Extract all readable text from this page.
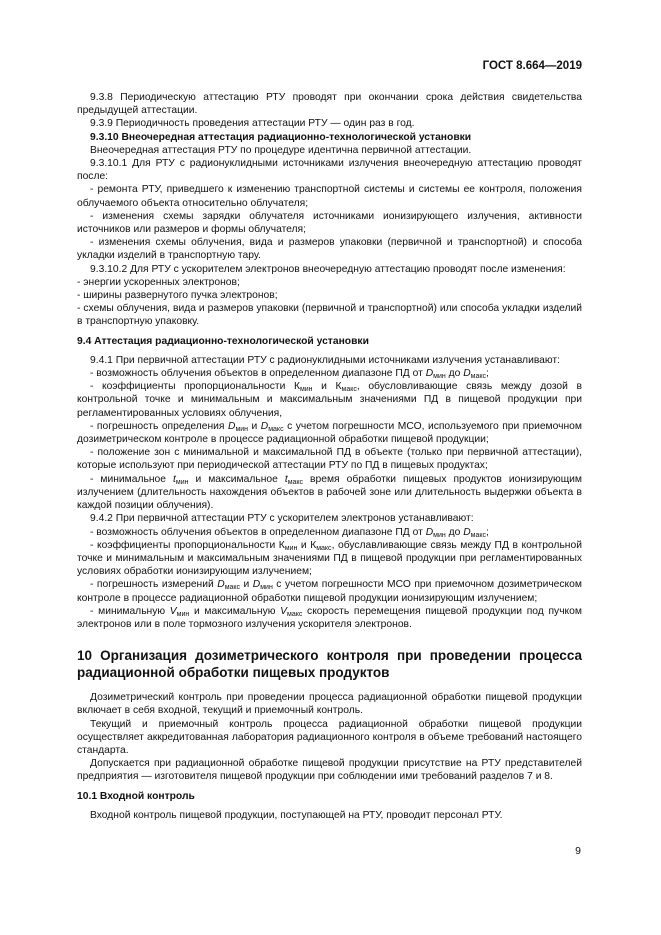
ГОСТ 8.664—2019

9.3.8 Периодическую аттестацию РТУ проводят при окончании срока действия свидетельства предыдущей аттестации.

9.3.9 Периодичность проведения аттестации РТУ — один раз в год.

9.3.10 Внеочередная аттестация радиационно-технологической установки

Внеочередная аттестация РТУ по процедуре идентична первичной аттестации.

9.3.10.1 Для РТУ с радионуклидными источниками излучения внеочередную аттестацию проводят после:

- ремонта РТУ, приведшего к изменению транспортной системы и системы ее контроля, положения облучаемого объекта относительно облучателя;

- изменения схемы зарядки облучателя источниками ионизирующего излучения, активности источников или размеров и формы облучателя;

- изменения схемы облучения, вида и размеров упаковки (первичной и транспортной) и способа укладки изделий в транспортную тару.

9.3.10.2 Для РТУ с ускорителем электронов внеочередную аттестацию проводят после изменения:

- энергии ускоренных электронов;

- ширины развернутого пучка электронов;

- схемы облучения, вида и размеров упаковки (первичной и транспортной) или способа укладки изделий в транспортную упаковку.

9.4 Аттестация радиационно-технологической установки

9.4.1 При первичной аттестации РТУ с радионуклидными источниками излучения устанавливают:

- возможность облучения объектов в определенном диапазоне ПД от $D_{мин}$ до $D_{макс}$;

- коэффициенты пропорциональности $К_{мин}$ и $К_{макс}$, обусловливающие связь между дозой в контрольной точке и минимальным и максимальным значениями ПД в пищевой продукции при регламентированных условиях облучения,

- погрешность определения $D_{мин}$ и $D_{макс}$ с учетом погрешности МСО, используемого при приемочном дозиметрическом контроле в процессе радиационной обработки пищевой продукции;

- положение зон с минимальной и максимальной ПД в объекте (только при первичной аттестации), которые используют при периодической аттестации РТУ по ПД в пищевых продуктах;

- минимальное $t_{мин}$ и максимальное $t_{макс}$ время обработки пищевых продуктов ионизирующим излучением (длительность нахождения объектов в рабочей зоне или длительность выдержки объекта в каждой позиции облучения).

9.4.2 При первичной аттестации РТУ с ускорителем электронов устанавливают:

- возможность облучения объектов в определенном диапазоне ПД от $D_{мин}$ до $D_{макс}$;

- коэффициенты пропорциональности $К_{мин}$ и $К_{макс}$, обуславливающие связь между ПД в контрольной точке и минимальным и максимальным значениями ПД в пищевой продукции при регламентированных условиях обработки ионизирующим излучением;

- погрешность измерений $D_{макс}$ и $D_{мин}$ с учетом погрешности МСО при приемочном дозиметрическом контроле в процессе радиационной обработки пищевой продукции ионизирующим излучением;

- минимальную $V_{мин}$ и максимальную $V_{макс}$ скорость перемещения пищевой продукции под пучком электронов или в поле тормозного излучения ускорителя электронов.

10 Организация дозиметрического контроля при проведении процесса радиационной обработки пищевых продуктов

Дозиметрический контроль при проведении процесса радиационной обработки пищевой продукции включает в себя входной, текущий и приемочный контроль.

Текущий и приемочный контроль процесса радиационной обработки пищевой продукции осуществляет аккредитованная лаборатория радиационного контроля в объеме требований настоящего стандарта.

Допускается при радиационной обработке пищевой продукции присутствие на РТУ представителей предприятия — изготовителя пищевой продукции при соблюдении ими требований разделов 7 и 8.

10.1 Входной контроль

Входной контроль пищевой продукции, поступающей на РТУ, проводит персонал РТУ.

9
